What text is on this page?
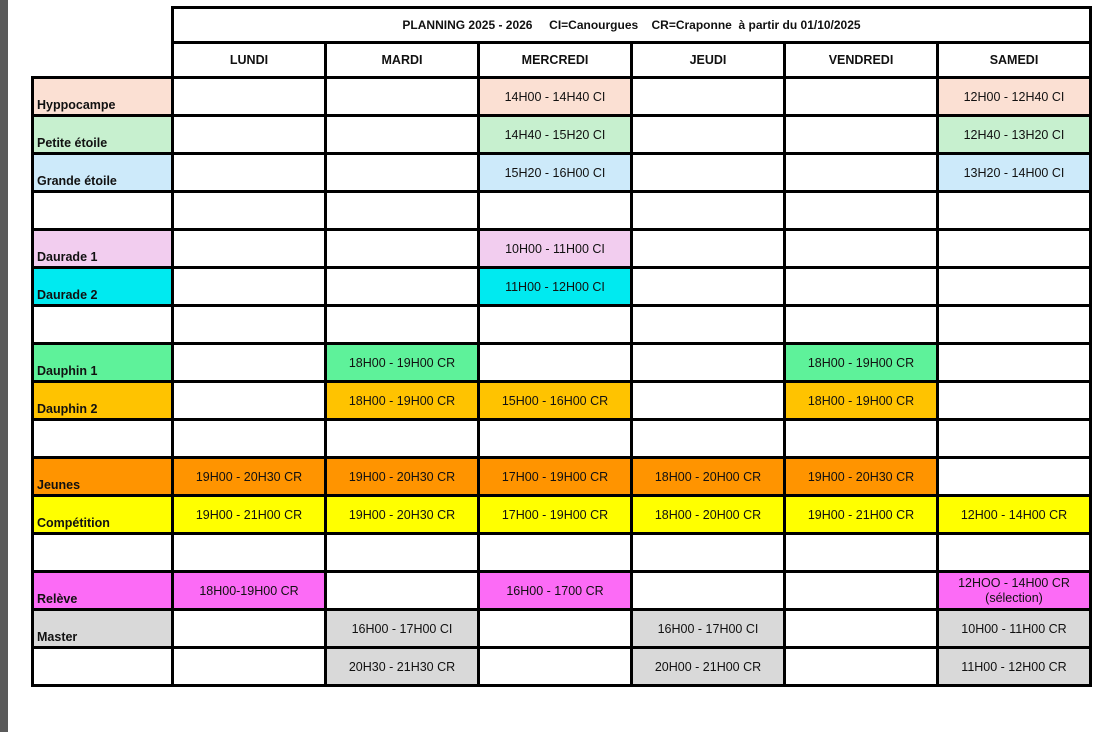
	PLANNING 2025 - 2026     CI=Canourgues    CR=Craponne  à partir du 01/10/2025					
	LUNDI	MARDI	MERCREDI	JEUDI	VENDREDI	SAMEDI
Hyppocampe			14H00 - 14H40 CI			12H00 - 12H40 CI
Petite étoile			14H40 - 15H20 CI			12H40 - 13H20 CI
Grande étoile			15H20 - 16H00 CI			13H20 - 14H00 CI

Daurade 1			10H00 - 11H00 CI			
Daurade 2			11H00 - 12H00 CI			

Dauphin 1		18H00 - 19H00 CR			18H00 - 19H00 CR	
Dauphin 2		18H00 - 19H00 CR	15H00 - 16H00 CR		18H00 - 19H00 CR	

Jeunes	19H00 - 20H30 CR	19H00 - 20H30 CR	17H00 - 19H00 CR	18H00 - 20H00 CR	19H00 - 20H30 CR	
Compétition	19H00 - 21H00 CR	19H00 - 20H30 CR	17H00 - 19H00 CR	18H00 - 20H00 CR	19H00 - 21H00 CR	12H00 - 14H00 CR

Relève	18H00-19H00 CR		16H00 - 1700 CR			12HOO - 14H00 CR
(sélection)

Master		16H00 - 17H00 CI		16H00 - 17H00 CI		10H00 - 11H00 CR
		20H30 - 21H30 CR		20H00 - 21H00 CR		11H00 - 12H00 CR
